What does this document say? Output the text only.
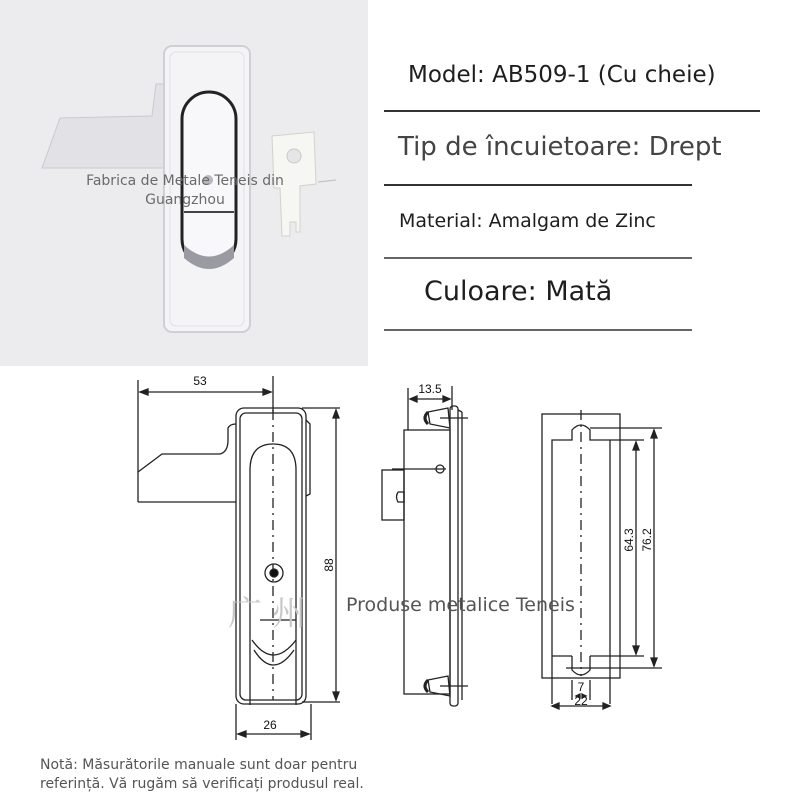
Fabrica de Metale Teneis din
Guangzhou
Model: AB509-1 (Cu cheie)
Tip de încuietoare: Drept
Material: Amalgam de Zinc
Culoare: Mată
53
88
26
13.5
64.3 76.2
7
22
广州 Produse metalice Teneis
Notă: Măsurătorile manuale sunt doar pentru referință. Vă rugăm să verificați produsul real.
